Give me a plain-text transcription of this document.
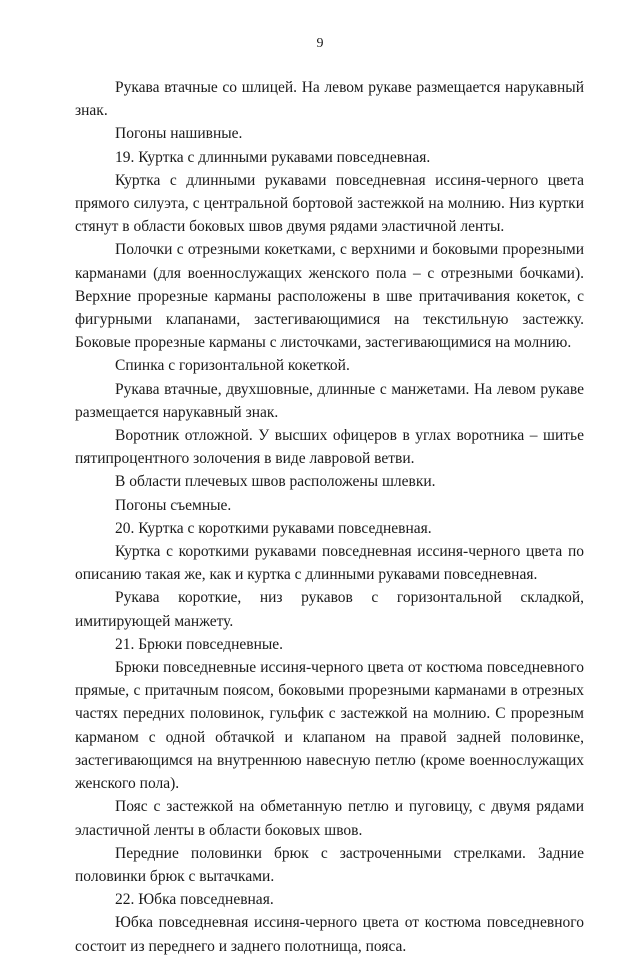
9

Рукава втачные со шлицей. На левом рукаве размещается нарукавный знак.

Погоны нашивные.

19. Куртка с длинными рукавами повседневная.

Куртка с длинными рукавами повседневная иссиня-черного цвета прямого силуэта, с центральной бортовой застежкой на молнию. Низ куртки стянут в области боковых швов двумя рядами эластичной ленты.

Полочки с отрезными кокетками, с верхними и боковыми прорезными карманами (для военнослужащих женского пола – с отрезными бочками). Верхние прорезные карманы расположены в шве притачивания кокеток, с фигурными клапанами, застегивающимися на текстильную застежку. Боковые прорезные карманы с листочками, застегивающимися на молнию.

Спинка с горизонтальной кокеткой.

Рукава втачные, двухшовные, длинные с манжетами. На левом рукаве размещается нарукавный знак.

Воротник отложной. У высших офицеров в углах воротника – шитье пятипроцентного золочения в виде лавровой ветви.

В области плечевых швов расположены шлевки.

Погоны съемные.

20. Куртка с короткими рукавами повседневная.

Куртка с короткими рукавами повседневная иссиня-черного цвета по описанию такая же, как и куртка с длинными рукавами повседневная.

Рукава короткие, низ рукавов с горизонтальной складкой, имитирующей манжету.

21. Брюки повседневные.

Брюки повседневные иссиня-черного цвета от костюма повседневного прямые, с притачным поясом, боковыми прорезными карманами в отрезных частях передних половинок, гульфик с застежкой на молнию. С прорезным карманом с одной обтачкой и клапаном на правой задней половинке, застегивающимся на внутреннюю навесную петлю (кроме военнослужащих женского пола).

Пояс с застежкой на обметанную петлю и пуговицу, с двумя рядами эластичной ленты в области боковых швов.

Передние половинки брюк с застроченными стрелками. Задние половинки брюк с вытачками.

22. Юбка повседневная.

Юбка повседневная иссиня-черного цвета от костюма повседневного состоит из переднего и заднего полотнища, пояса.
